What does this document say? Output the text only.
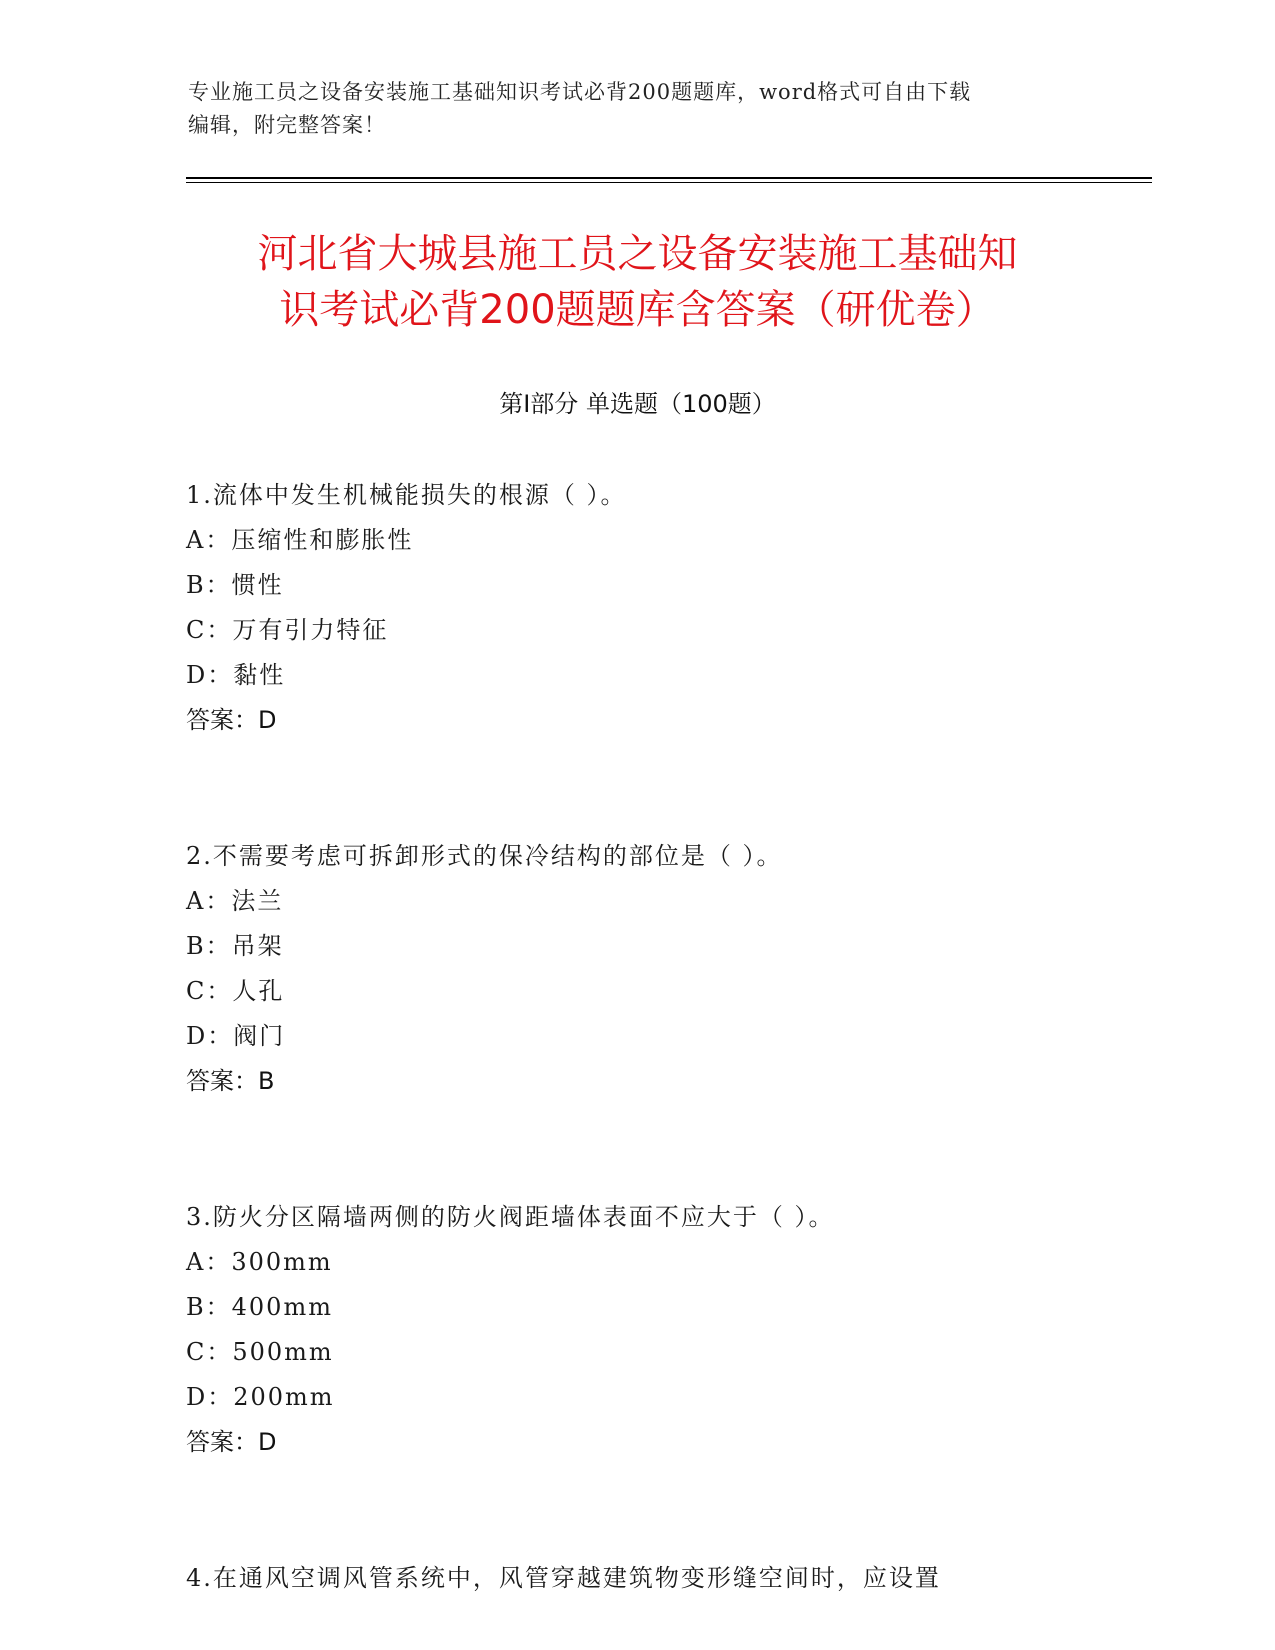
专业施工员之设备安装施工基础知识考试必背200题题库，word格式可自由下载
编辑，附完整答案！
河北省大城县施工员之设备安装施工基础知
识考试必背200题题库含答案（研优卷）
第Ⅰ部分 单选题（100题）
1.流体中发生机械能损失的根源（ ）。
A：压缩性和膨胀性
B：惯性
C：万有引力特征
D：黏性
答案：D
2.不需要考虑可拆卸形式的保冷结构的部位是（ ）。
A：法兰
B：吊架
C：人孔
D：阀门
答案：B
3.防火分区隔墙两侧的防火阀距墙体表面不应大于（ ）。
A：300mm
B：400mm
C：500mm
D：200mm
答案：D
4.在通风空调风管系统中，风管穿越建筑物变形缝空间时，应设置
